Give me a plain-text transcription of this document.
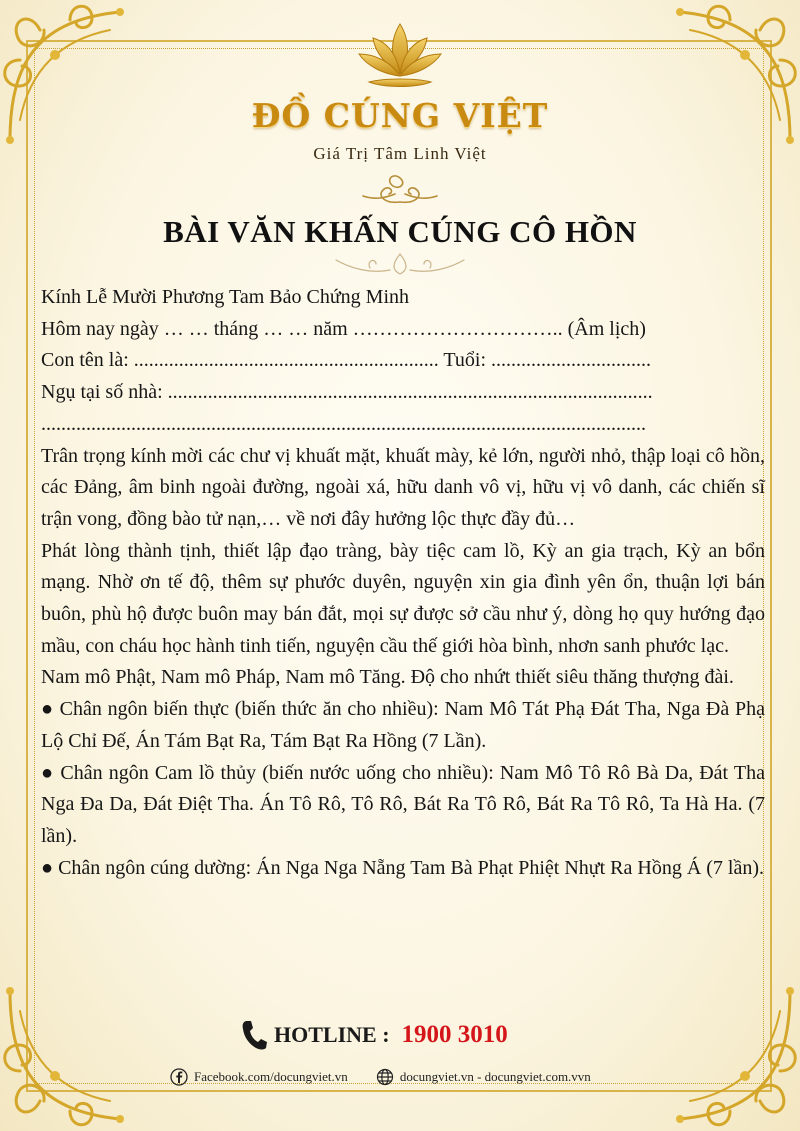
ĐỒ CÚNG VIỆT
Giá Trị Tâm Linh Việt
BÀI VĂN KHẤN CÚNG CÔ HỒN

Kính Lễ Mười Phương Tam Bảo Chứng Minh

Hôm nay ngày … … tháng … … năm ………………………….. (Âm lịch)

Con tên là: ............................................................. Tuổi: ................................

Ngụ tại số nhà: .................................................................................................

.........................................................................................................................

Trân trọng kính mời các chư vị khuất mặt, khuất mày, kẻ lớn, người nhỏ, thập loại cô hồn, các Đảng, âm binh ngoài đường, ngoài xá, hữu danh vô vị, hữu vị vô danh, các chiến sĩ trận vong, đồng bào tử nạn,… về nơi đây hưởng lộc thực đầy đủ…

Phát lòng thành tịnh, thiết lập đạo tràng, bày tiệc cam lồ, Kỳ an gia trạch, Kỳ an bổn mạng. Nhờ ơn tế độ, thêm sự phước duyên, nguyện xin gia đình yên ổn, thuận lợi bán buôn, phù hộ được buôn may bán đắt, mọi sự được sở cầu như ý, dòng họ quy hướng đạo mầu, con cháu học hành tinh tiến, nguyện cầu thế giới hòa bình, nhơn sanh phước lạc.

Nam mô Phật, Nam mô Pháp, Nam mô Tăng. Độ cho nhứt thiết siêu thăng thượng đài.

● Chân ngôn biến thực (biến thức ăn cho nhiều): Nam Mô Tát Phạ Đát Tha, Nga Đà Phạ Lộ Chỉ Đế, Án Tám Bạt Ra, Tám Bạt Ra Hồng (7 Lần).

● Chân ngôn Cam lồ thủy (biến nước uống cho nhiều): Nam Mô Tô Rô Bà Da, Đát Tha Nga Đa Da, Đát Điệt Tha. Án Tô Rô, Tô Rô, Bát Ra Tô Rô, Bát Ra Tô Rô, Ta Hà Ha. (7 lần).

● Chân ngôn cúng dường: Án Nga Nga Nẵng Tam Bà Phạt Phiệt Nhựt Ra Hồng Á (7 lần).

HOTLINE : 1900 3010
Facebook.com/docungviet.vn	docungviet.vn - docungviet.com.vvn
